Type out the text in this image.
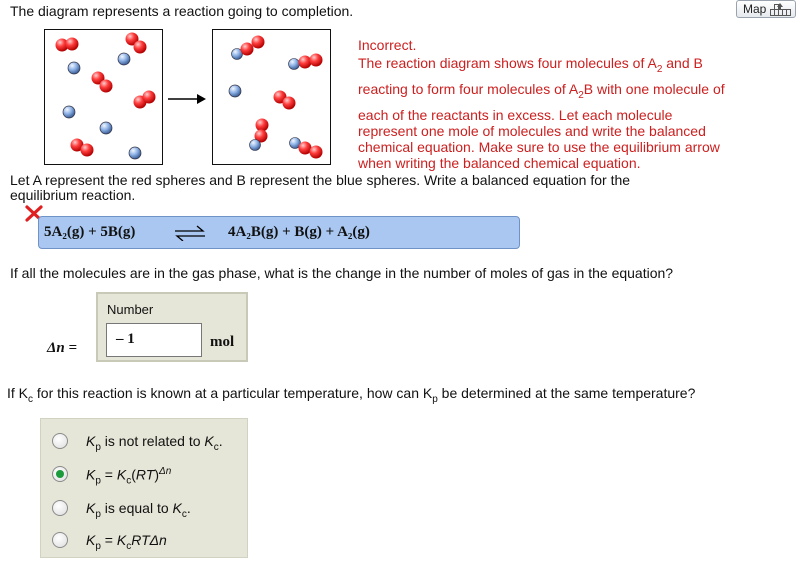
The diagram represents a reaction going to completion.	Map
Incorrect.
The reaction diagram shows four molecules of $A_2$ and B
reacting to form four molecules of $A_2B$ with one molecule of
each of the reactants in excess. Let each molecule
represent one mole of molecules and write the balanced
chemical equation. Make sure to use the equilibrium arrow
when writing the balanced chemical equation.
Let A represent the red spheres and B represent the blue spheres. Write a balanced equation for the
equilibrium reaction.
5A₂(g) + 5B(g)	⇌ 4A₂B(g) + B(g) + A₂(g)
If all the molecules are in the gas phase, what is the change in the number of moles of gas in the equation?
Δn =
Number
– 1	mol
If $K_c$ for this reaction is known at a particular temperature, how can $K_p$ be determined at the same temperature?
$K_p$ is not related to $K_c$.
$K_p = K_c(RT)^{\Delta n}$
$K_p$ is equal to $K_c$.
$K_p = K_cRT\Delta n$
